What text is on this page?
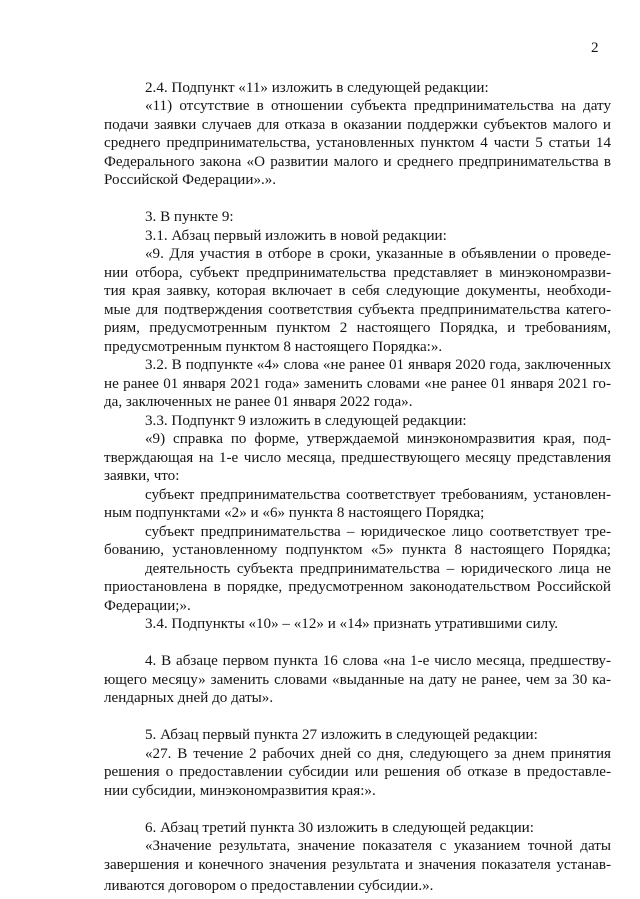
2
2.4. Подпункт «11» изложить в следующей редакции:
«11) отсутствие в отношении субъекта предпринимательства на дату
подачи заявки случаев для отказа в оказании поддержки субъектов малого и
среднего предпринимательства, установленных пунктом 4 части 5 статьи 14
Федерального закона «О развитии малого и среднего предпринимательства в
Российской Федерации».».
3. В пункте 9:
3.1. Абзац первый изложить в новой редакции:
«9. Для участия в отборе в сроки, указанные в объявлении о проведе-
нии отбора, субъект предпринимательства представляет в минэкономразви-
тия края заявку, которая включает в себя следующие документы, необходи-
мые для подтверждения соответствия субъекта предпринимательства катего-
риям, предусмотренным пунктом 2 настоящего Порядка, и требованиям,
предусмотренным пунктом 8 настоящего Порядка:».
3.2. В подпункте «4» слова «не ранее 01 января 2020 года, заключенных
не ранее 01 января 2021 года» заменить словами «не ранее 01 января 2021 го-
да, заключенных не ранее 01 января 2022 года».
3.3. Подпункт 9 изложить в следующей редакции:
«9) справка по форме, утверждаемой минэкономразвития края, под-
тверждающая на 1-е число месяца, предшествующего месяцу представления
заявки, что:
субъект предпринимательства соответствует требованиям, установлен-
ным подпунктами «2» и «6» пункта 8 настоящего Порядка;
субъект предпринимательства – юридическое лицо соответствует тре-
бованию, установленному подпунктом «5» пункта 8 настоящего Порядка;
деятельность субъекта предпринимательства – юридического лица не
приостановлена в порядке, предусмотренном законодательством Российской
Федерации;».
3.4. Подпункты «10» – «12» и «14» признать утратившими силу.
4. В абзаце первом пункта 16 слова «на 1-е число месяца, предшеству-
ющего месяцу» заменить словами «выданные на дату не ранее, чем за 30 ка-
лендарных дней до даты».
5. Абзац первый пункта 27 изложить в следующей редакции:
«27. В течение 2 рабочих дней со дня, следующего за днем принятия
решения о предоставлении субсидии или решения об отказе в предоставле-
нии субсидии, минэкономразвития края:».
6. Абзац третий пункта 30 изложить в следующей редакции:
«Значение результата, значение показателя с указанием точной даты
завершения и конечного значения результата и значения показателя устанав-
ливаются договором о предоставлении субсидии.».
